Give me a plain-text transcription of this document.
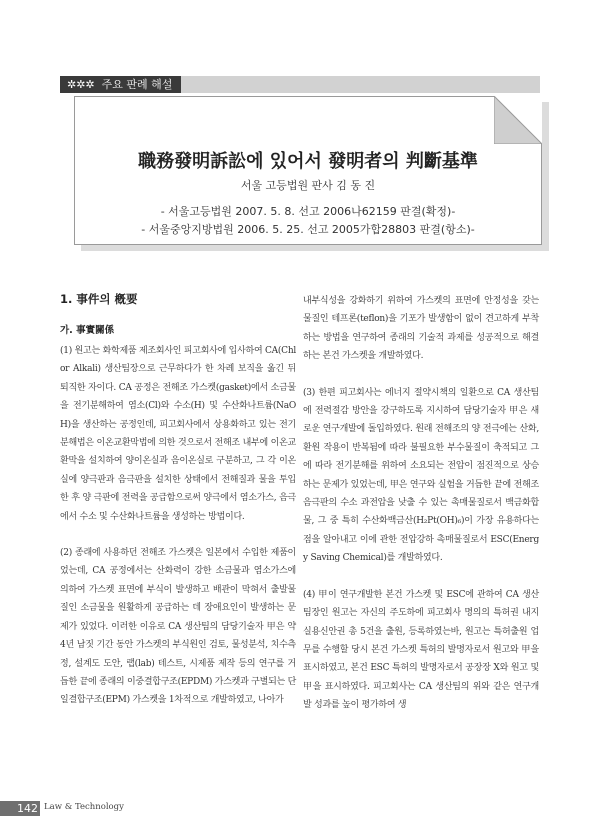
✲✲✲ 주요 판례 해설
職務發明訴訟에 있어서 發明者의 判斷基準
서울 고등법원 판사 김 동 진
- 서울고등법원 2007. 5. 8. 선고 2006나62159 판결(확정)-
- 서울중앙지방법원 2006. 5. 25. 선고 2005가합28803 판결(항소)-
1. 事件의 槪要
가. 事實關係

(1) 원고는 화학제품 제조회사인 피고회사에 입사하여 CA(Chlor Alkali) 생산팀장으로 근무하다가 한 차례 보직을 옮긴 뒤 퇴직한 자이다. CA 공정은 전해조 가스켓(gasket)에서 소금물을 전기분해하여 염소(Cl)와 수소(H) 및 수산화나트륨(NaOH)을 생산하는 공정인데, 피고회사에서 상용화하고 있는 전기분해법은 이온교환막법에 의한 것으로서 전해조 내부에 이온교환막을 설치하여 양이온실과 음이온실로 구분하고, 그 각 이온실에 양극판과 음극판을 설치한 상태에서 전해질과 물을 투입한 후 양 극판에 전력을 공급함으로써 양극에서 염소가스, 음극에서 수소 및 수산화나트륨을 생성하는 방법이다.

(2) 종래에 사용하던 전해조 가스켓은 일본에서 수입한 제품이었는데, CA 공정에서는 산화력이 강한 소금물과 염소가스에 의하여 가스켓 표면에 부식이 발생하고 배관이 막혀서 출발물질인 소금물을 원활하게 공급하는 데 장애요인이 발생하는 문제가 있었다. 이러한 이유로 CA 생산팀의 담당기술자 甲은 약 4년 남짓 기간 동안 가스켓의 부식원인 검토, 물성분석, 치수측정, 설계도 도안, 랩(lab) 테스트, 시제품 제작 등의 연구를 거듭한 끝에 종래의 이중결합구조(EPDM) 가스켓과 구별되는 단일결합구조(EPM) 가스켓을 1차적으로 개발하였고, 나아가

내부식성을 강화하기 위하여 가스켓의 표면에 안정성을 갖는 물질인 테프론(teflon)을 기포가 발생함이 없이 견고하게 부착하는 방법을 연구하여 종래의 기술적 과제를 성공적으로 해결하는 본건 가스켓을 개발하였다.

(3) 한편 피고회사는 에너지 절약시책의 일환으로 CA 생산팀에 전력절감 방안을 강구하도록 지시하여 담당기술자 甲은 새로운 연구개발에 돌입하였다. 원래 전해조의 양 전극에는 산화, 환원 작용이 반복됨에 따라 불필요한 부수물질이 축적되고 그에 따라 전기분해를 위하여 소요되는 전압이 점진적으로 상승하는 문제가 있었는데, 甲은 연구와 실험을 거듭한 끝에 전해조 음극판의 수소 과전압을 낮출 수 있는 촉매물질로서 백금화합물, 그 중 특히 수산화백금산(H₂Pt(OH)₆)이 가장 유용하다는 점을 알아내고 이에 관한 전압강하 촉매물질로서 ESC(Energy Saving Chemical)를 개발하였다.

(4) 甲이 연구개발한 본건 가스켓 및 ESC에 관하여 CA 생산팀장인 원고는 자신의 주도하에 피고회사 명의의 특허권 내지 실용신안권 총 5건을 출원, 등록하였는바, 원고는 특허출원 업무를 수행할 당시 본건 가스켓 특허의 발명자로서 원고와 甲을 표시하였고, 본건 ESC 특허의 발명자로서 공장장 X와 원고 및 甲을 표시하였다. 피고회사는 CA 생산팀의 위와 같은 연구개발 성과를 높이 평가하여 생

142 Law & Technology
